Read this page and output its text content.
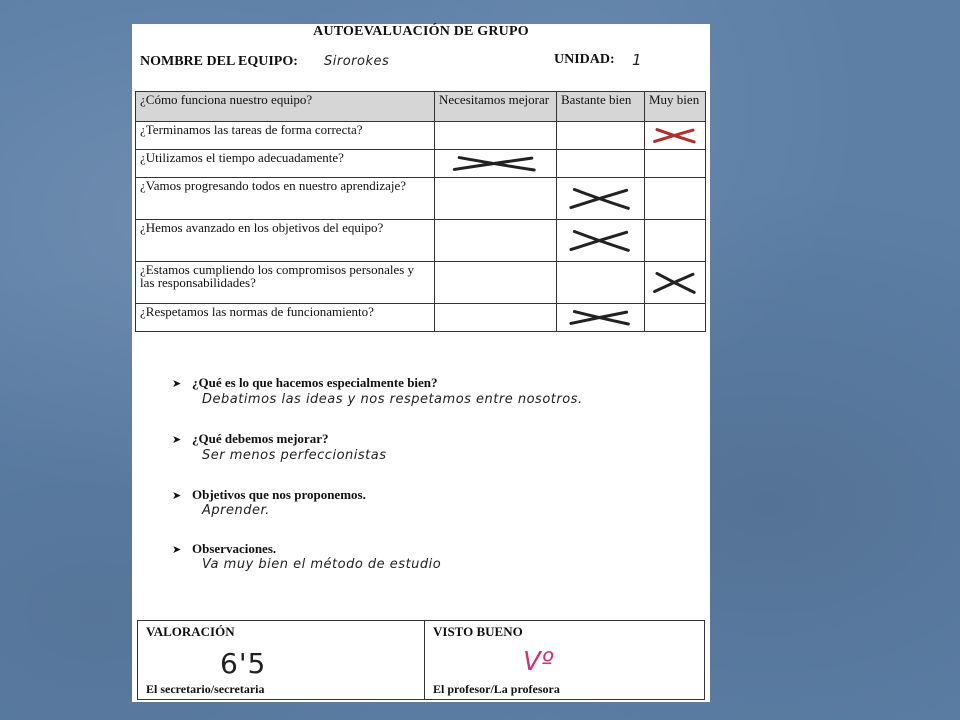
AUTOEVALUACIÓN DE GRUPO
NOMBRE DEL EQUIPO: Sirorokes	UNIDAD: 1
¿Cómo funciona nuestro equipo?	Necesitamos mejorar	Bastante bien	Muy bien
¿Terminamos las tareas de forma correcta?			

¿Utilizamos el tiempo adecuadamente?	

¿Vamos progresando todos en nuestro aprendizaje?		

¿Hemos avanzado en los objetivos del equipo?		

¿Estamos cumpliendo los compromisos personales y las responsabilidades?			

¿Respetamos las normas de funcionamiento?		

➤ ¿Qué es lo que hacemos especialmente bien?
Debatimos las ideas y nos respetamos entre nosotros.
➤ ¿Qué debemos mejorar?
Ser menos perfeccionistas
➤ Objetivos que nos proponemos.
Aprender.
➤ Observaciones.
Va muy bien el método de estudio
VALORACIÓN
6'5
El secretario/secretaria
VISTO BUENO
Vº
El profesor/La profesora
